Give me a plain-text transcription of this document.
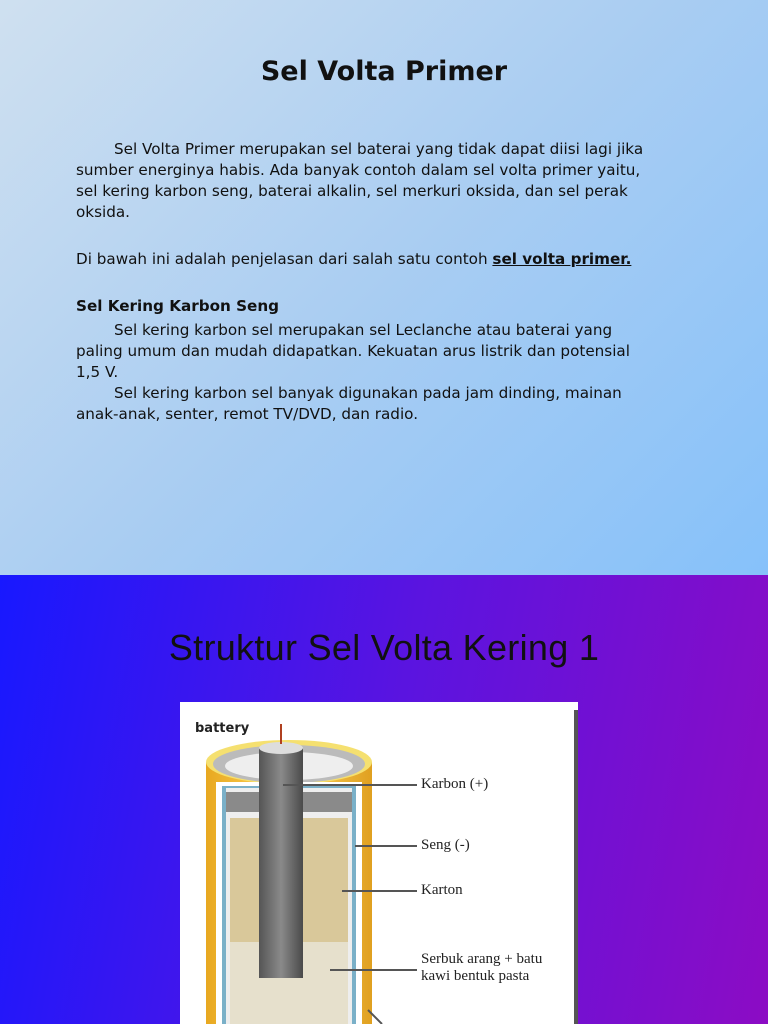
Sel Volta Primer
Sel Volta Primer merupakan sel baterai yang tidak dapat diisi lagi jika
sumber energinya habis. Ada banyak contoh dalam sel volta primer yaitu,
sel kering karbon seng, baterai alkalin, sel merkuri oksida, dan sel perak
oksida.
Di bawah ini adalah penjelasan dari salah satu contoh sel volta primer.
Sel Kering Karbon Seng
Sel kering karbon sel merupakan sel Leclanche atau baterai yang
paling umum dan mudah didapatkan. Kekuatan arus listrik dan potensial
1,5 V.
Sel kering karbon sel banyak digunakan pada jam dinding, mainan
anak-anak, senter, remot TV/DVD, dan radio.
Struktur Sel Volta Kering 1
battery
Karbon (+)
Seng (-)
Karton
Serbuk arang + batu
kawi bentuk pasta
